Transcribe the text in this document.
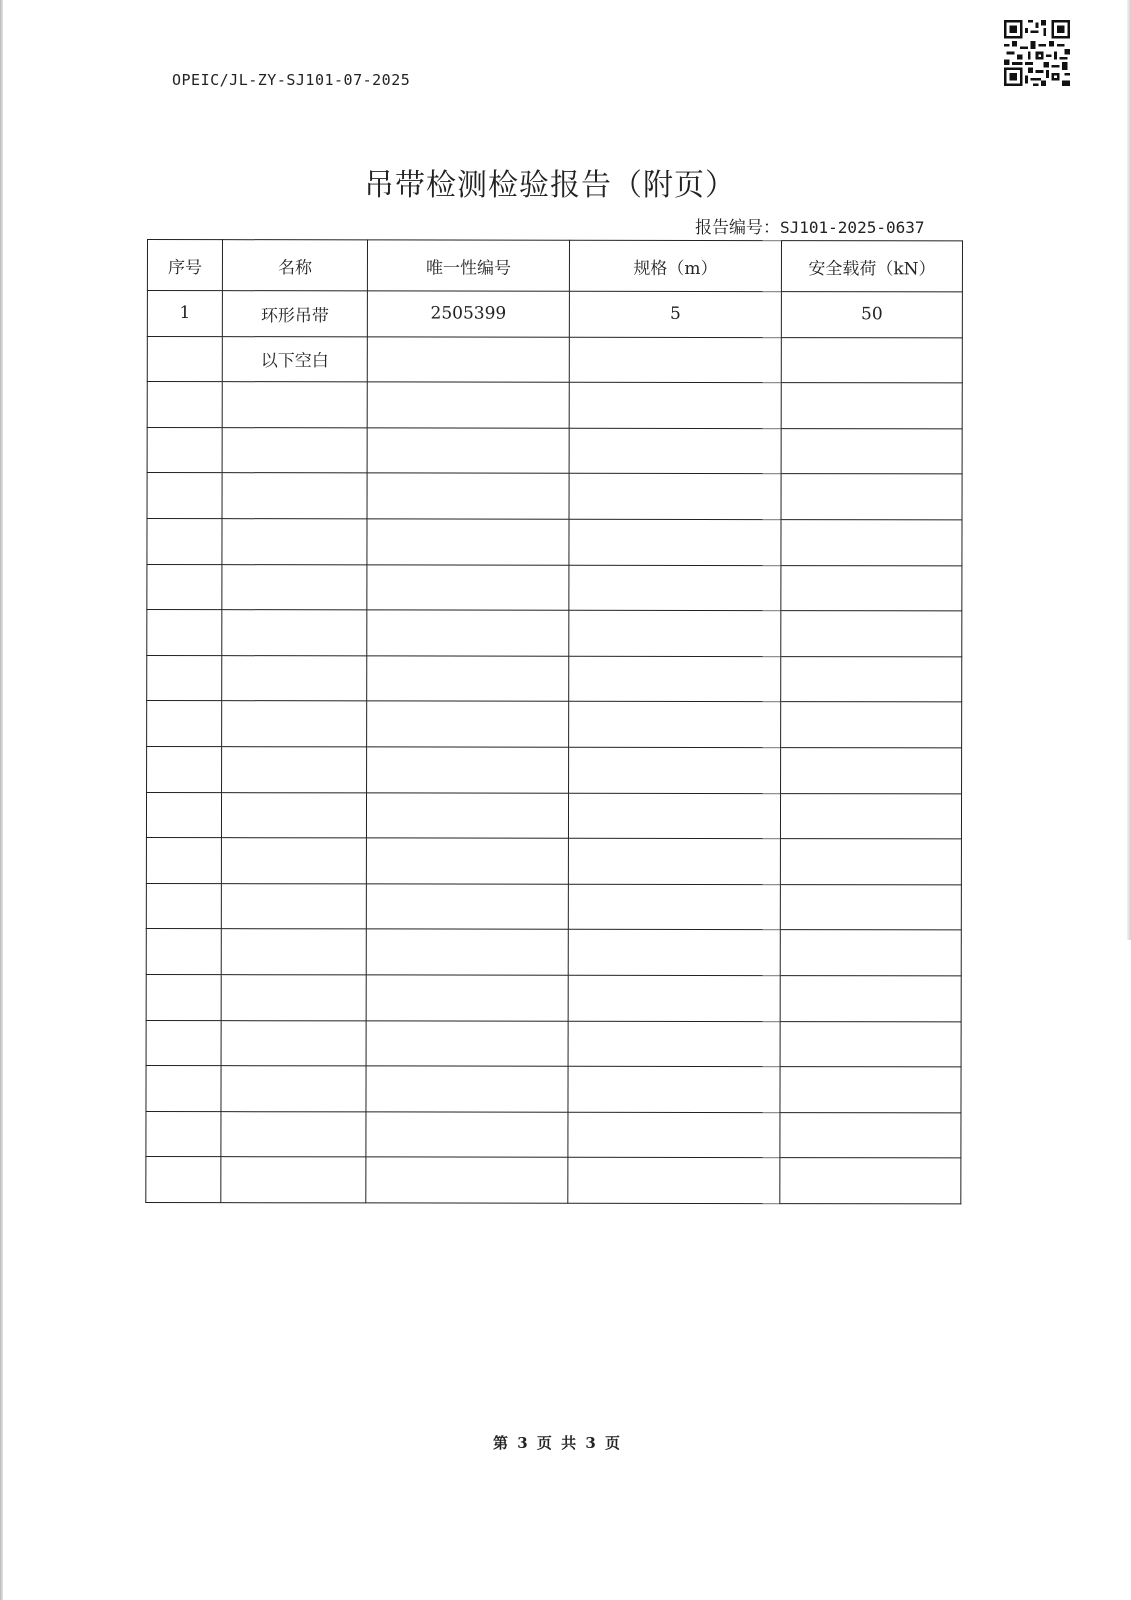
OPEIC/JL-ZY-SJ101-07-2025
吊带检测检验报告（附页）
报告编号：SJ101-2025-0637
序号	名称	唯一性编号	规格（m）	安全载荷（kN）
1	环形吊带	2505399	5	50
	以下空白			

第 3 页 共 3 页
